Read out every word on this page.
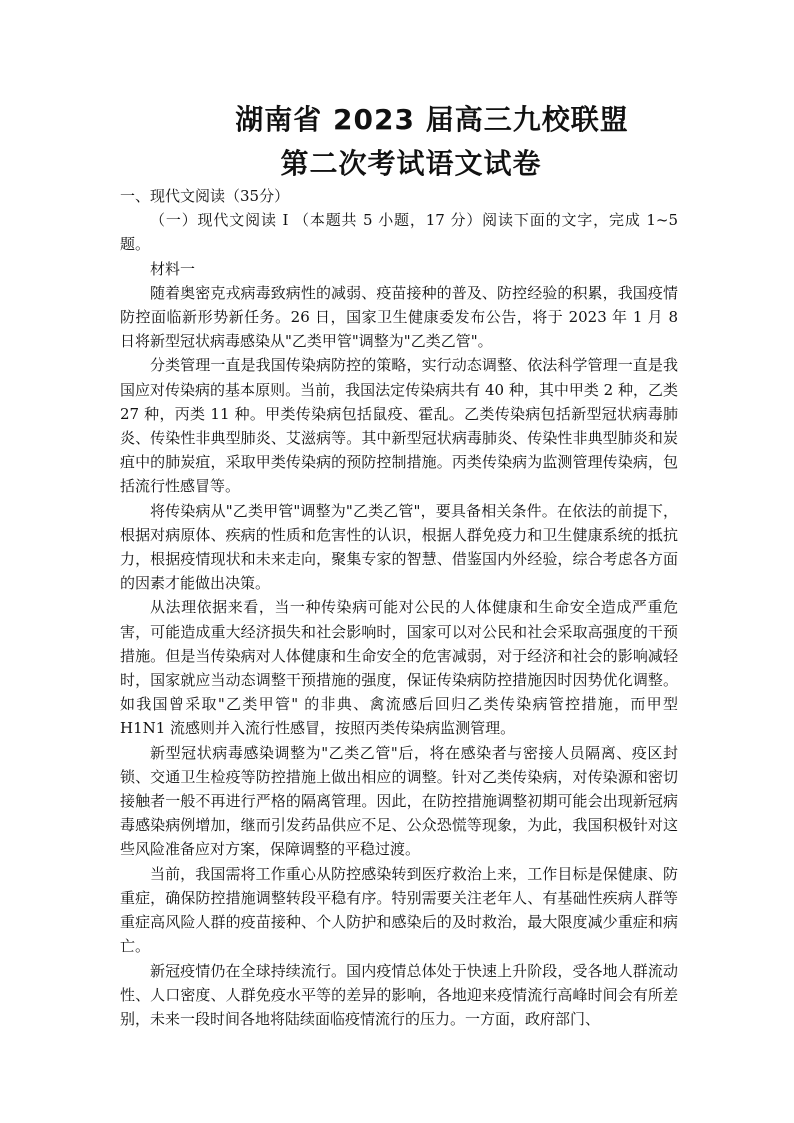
湖南省 2023 届高三九校联盟
第二次考试语文试卷

一、现代文阅读（35分）

（一）现代文阅读 I （本题共 5 小题，17 分）阅读下面的文字，完成 1~5 题。

材料一

随着奥密克戎病毒致病性的减弱、疫苗接种的普及、防控经验的积累，我国疫情防控面临新形势新任务。26 日，国家卫生健康委发布公告，将于 2023 年 1 月 8 日将新型冠状病毒感染从"乙类甲管"调整为"乙类乙管"。

分类管理一直是我国传染病防控的策略，实行动态调整、依法科学管理一直是我国应对传染病的基本原则。当前，我国法定传染病共有 40 种，其中甲类 2 种，乙类 27 种，丙类 11 种。甲类传染病包括鼠疫、霍乱。乙类传染病包括新型冠状病毒肺炎、传染性非典型肺炎、艾滋病等。其中新型冠状病毒肺炎、传染性非典型肺炎和炭疽中的肺炭疽，采取甲类传染病的预防控制措施。丙类传染病为监测管理传染病，包括流行性感冒等。

将传染病从"乙类甲管"调整为"乙类乙管"，要具备相关条件。在依法的前提下，根据对病原体、疾病的性质和危害性的认识，根据人群免疫力和卫生健康系统的抵抗力，根据疫情现状和未来走向，聚集专家的智慧、借鉴国内外经验，综合考虑各方面的因素才能做出决策。

从法理依据来看，当一种传染病可能对公民的人体健康和生命安全造成严重危害，可能造成重大经济损失和社会影响时，国家可以对公民和社会采取高强度的干预措施。但是当传染病对人体健康和生命安全的危害减弱，对于经济和社会的影响减轻时，国家就应当动态调整干预措施的强度，保证传染病防控措施因时因势优化调整。如我国曾采取"乙类甲管" 的非典、禽流感后回归乙类传染病管控措施，而甲型 H1N1 流感则并入流行性感冒，按照丙类传染病监测管理。

新型冠状病毒感染调整为"乙类乙管"后，将在感染者与密接人员隔离、疫区封锁、交通卫生检疫等防控措施上做出相应的调整。针对乙类传染病，对传染源和密切接触者一般不再进行严格的隔离管理。因此，在防控措施调整初期可能会出现新冠病毒感染病例增加，继而引发药品供应不足、公众恐慌等现象，为此，我国积极针对这些风险准备应对方案，保障调整的平稳过渡。

当前，我国需将工作重心从防控感染转到医疗救治上来，工作目标是保健康、防重症，确保防控措施调整转段平稳有序。特别需要关注老年人、有基础性疾病人群等重症高风险人群的疫苗接种、个人防护和感染后的及时救治，最大限度减少重症和病亡。

新冠疫情仍在全球持续流行。国内疫情总体处于快速上升阶段，受各地人群流动性、人口密度、人群免疫水平等的差异的影响，各地迎来疫情流行高峰时间会有所差别，未来一段时间各地将陆续面临疫情流行的压力。一方面，政府部门、
